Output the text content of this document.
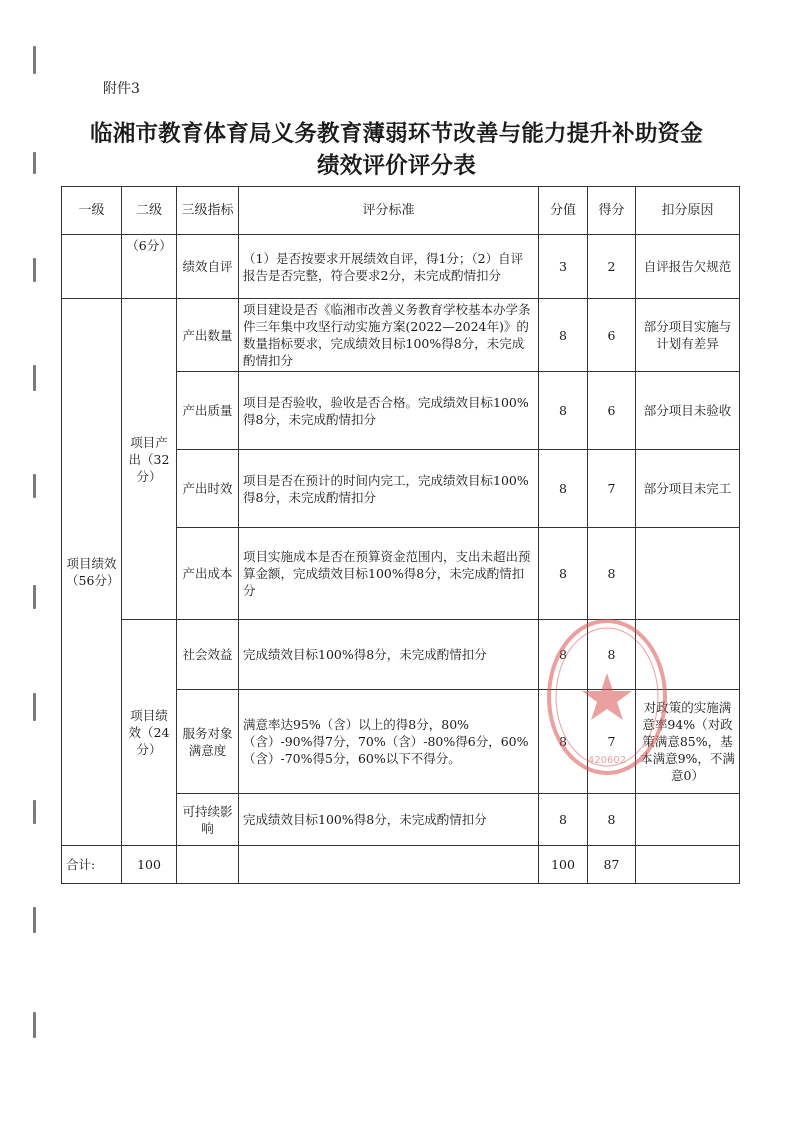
附件3
临湘市教育体育局义务教育薄弱环节改善与能力提升补助资金
绩效评价评分表
一级	二级	三级指标	评分标准	分值	得分	扣分原因
	（6分）	绩效自评	（1）是否按要求开展绩效自评，得1分；（2）自评报告是否完整，符合要求2分，未完成酌情扣分	3	2	自评报告欠规范
项目绩效（56分）	项目产出（32分）	产出数量	项目建设是否《临湘市改善义务教育学校基本办学条件三年集中攻坚行动实施方案(2022—2024年)》的数量指标要求，完成绩效目标100%得8分，未完成酌情扣分	8	6	部分项目实施与计划有差异
		产出质量	项目是否验收，验收是否合格。完成绩效目标100%得8分，未完成酌情扣分	8	6	部分项目未验收
		产出时效	项目是否在预计的时间内完工，完成绩效目标100%得8分，未完成酌情扣分	8	7	部分项目未完工
		产出成本	项目实施成本是否在预算资金范围内，支出未超出预算金额，完成绩效目标100%得8分，未完成酌情扣分	8	8	
	项目绩效（24分）	社会效益	完成绩效目标100%得8分，未完成酌情扣分	8	8	
		服务对象满意度	满意率达95%（含）以上的得8分，80%（含）-90%得7分，70%（含）-80%得6分，60%（含）-70%得5分，60%以下不得分。	8	7	对政策的实施满意率94%（对政策满意85%，基本满意9%，不满意0）
		可持续影响	完成绩效目标100%得8分，未完成酌情扣分	8	8	
合计:	100			100	87	
420602
